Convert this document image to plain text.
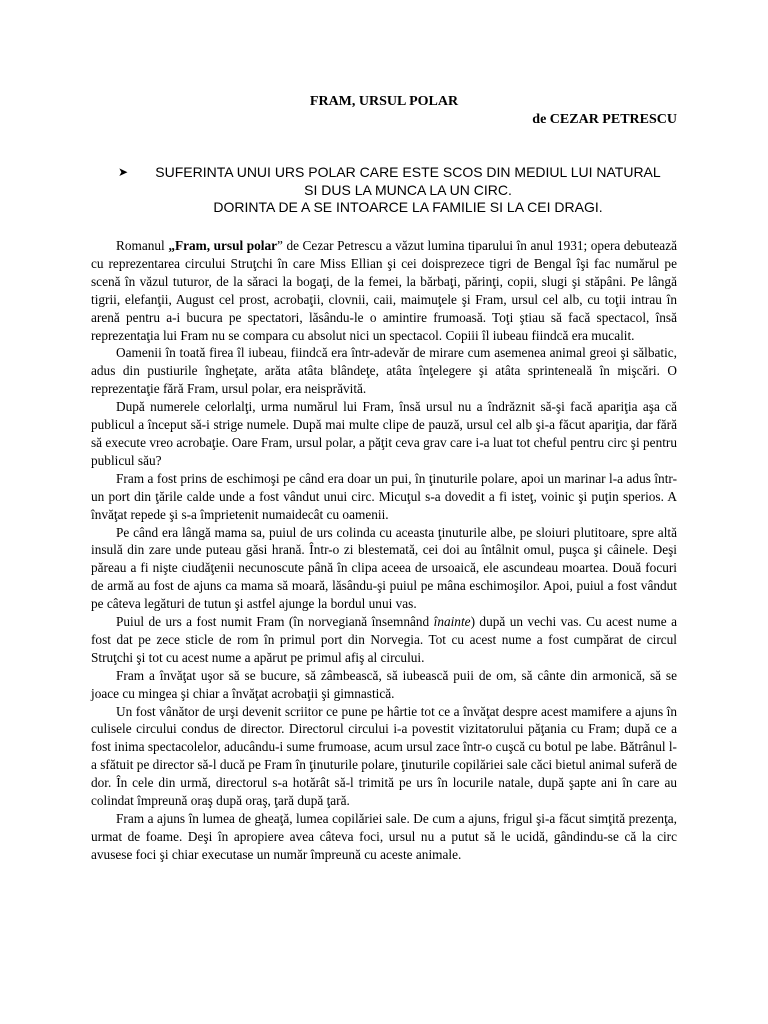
FRAM, URSUL POLAR
de CEZAR PETRESCU
➤	SUFERINTA UNUI URS POLAR CARE ESTE SCOS DIN MEDIUL LUI NATURAL
SI DUS LA MUNCA LA UN CIRC.
DORINTA DE A SE INTOARCE LA FAMILIE SI LA CEI DRAGI.

Romanul „Fram, ursul polar” de Cezar Petrescu a văzut lumina tiparului în anul 1931; opera debutează cu reprezentarea circului Struţchi în care Miss Ellian şi cei doisprezece tigri de Bengal îşi fac numărul pe scenă în văzul tuturor, de la săraci la bogaţi, de la femei, la bărbaţi, părinţi, copii, slugi şi stăpâni. Pe lângă tigrii, elefanţii, August cel prost, acrobaţii, clovnii, caii, maimuţele şi Fram, ursul cel alb, cu toţii intrau în arenă pentru a-i bucura pe spectatori, lăsându-le o amintire frumoasă. Toţi ştiau să facă spectacol, însă reprezentaţia lui Fram nu se compara cu absolut nici un spectacol. Copiii îl iubeau fiindcă era mucalit.

Oamenii în toată firea îl iubeau, fiindcă era într-adevăr de mirare cum asemenea animal greoi şi sălbatic, adus din pustiurile îngheţate, arăta atâta blândeţe, atâta înţelegere şi atâta sprinteneală în mişcări. O reprezentaţie fără Fram, ursul polar, era neisprăvită.

După numerele celorlalţi, urma numărul lui Fram, însă ursul nu a îndrăznit să-şi facă apariţia aşa că publicul a început să-i strige numele. După mai multe clipe de pauză, ursul cel alb şi-a făcut apariţia, dar fără să execute vreo acrobaţie. Oare Fram, ursul polar, a păţit ceva grav care i-a luat tot cheful pentru circ şi pentru publicul său?

Fram a fost prins de eschimoşi pe când era doar un pui, în ţinuturile polare, apoi un marinar l-a adus într-un port din ţările calde unde a fost vândut unui circ. Micuţul s-a dovedit a fi isteţ, voinic şi puţin sperios. A învăţat repede şi s-a împrietenit numaidecât cu oamenii.

Pe când era lângă mama sa, puiul de urs colinda cu aceasta ţinuturile albe, pe sloiuri plutitoare, spre altă insulă din zare unde puteau găsi hrană. Într-o zi blestemată, cei doi au întâlnit omul, puşca şi câinele. Deşi păreau a fi nişte ciudăţenii necunoscute până în clipa aceea de ursoaică, ele ascundeau moartea. Două focuri de armă au fost de ajuns ca mama să moară, lăsându-şi puiul pe mâna eschimoşilor. Apoi, puiul a fost vândut pe câteva legături de tutun şi astfel ajunge la bordul unui vas.

Puiul de urs a fost numit Fram (în norvegiană însemnând înainte) după un vechi vas. Cu acest nume a fost dat pe zece sticle de rom în primul port din Norvegia. Tot cu acest nume a fost cumpărat de circul Struţchi şi tot cu acest nume a apărut pe primul afiş al circului.

Fram a învăţat uşor să se bucure, să zâmbească, să iubească puii de om, să cânte din armonică, să se joace cu mingea şi chiar a învăţat acrobaţii şi gimnastică.

Un fost vânător de urşi devenit scriitor ce pune pe hârtie tot ce a învăţat despre acest mamifere a ajuns în culisele circului condus de director. Directorul circului i-a povestit vizitatorului păţania cu Fram; după ce a fost inima spectacolelor, aducându-i sume frumoase, acum ursul zace într-o cuşcă cu botul pe labe. Bătrânul l-a sfătuit pe director să-l ducă pe Fram în ţinuturile polare, ţinuturile copilăriei sale căci bietul animal suferă de dor. În cele din urmă, directorul s-a hotărât să-l trimită pe urs în locurile natale, după şapte ani în care au colindat împreună oraş după oraş, ţară după ţară.

Fram a ajuns în lumea de gheaţă, lumea copilăriei sale. De cum a ajuns, frigul şi-a făcut simţită prezenţa, urmat de foame. Deşi în apropiere avea câteva foci, ursul nu a putut să le ucidă, gândindu-se că la circ avusese foci şi chiar executase un număr împreună cu aceste animale.
